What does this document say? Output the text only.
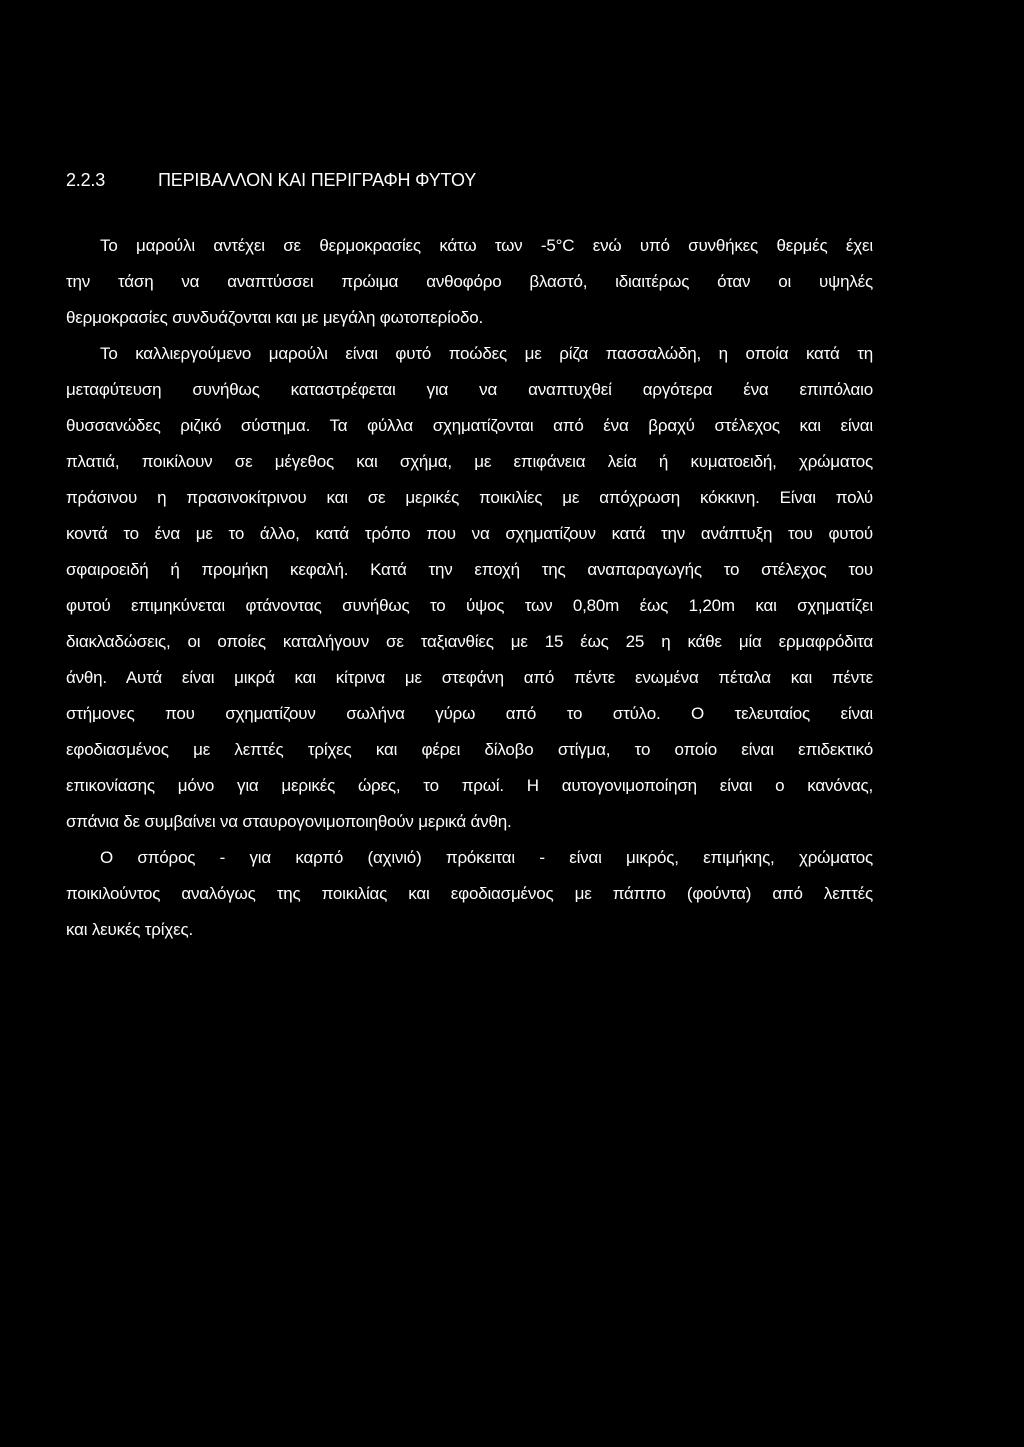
2.2.3	ΠΕΡΙΒΑΛΛΟΝ ΚΑΙ ΠΕΡΙΓΡΑΦΗ ΦΥΤΟΥ
Το μαρούλι αντέχει σε θερμοκρασίες κάτω των -5°C ενώ υπό συνθήκες θερμές έχει
την τάση να αναπτύσσει πρώιμα ανθοφόρο βλαστό, ιδιαιτέρως όταν οι υψηλές
θερμοκρασίες συνδυάζονται και με μεγάλη φωτοπερίοδο.
Το καλλιεργούμενο μαρούλι είναι φυτό ποώδες με ρίζα πασσαλώδη, η οποία κατά τη
μεταφύτευση συνήθως καταστρέφεται για να αναπτυχθεί αργότερα ένα επιπόλαιο
θυσσανώδες ριζικό σύστημα. Τα φύλλα σχηματίζονται από ένα βραχύ στέλεχος και είναι
πλατιά, ποικίλουν σε μέγεθος και σχήμα, με επιφάνεια λεία ή κυματοειδή, χρώματος
πράσινου η πρασινοκίτρινου και σε μερικές ποικιλίες με απόχρωση κόκκινη. Είναι πολύ
κοντά το ένα με το άλλο, κατά τρόπο που να σχηματίζουν κατά την ανάπτυξη του φυτού
σφαιροειδή ή προμήκη κεφαλή. Κατά την εποχή της αναπαραγωγής το στέλεχος του
φυτού επιμηκύνεται φτάνοντας συνήθως το ύψος των 0,80m έως 1,20m και σχηματίζει
διακλαδώσεις, οι οποίες καταλήγουν σε ταξιανθίες με 15 έως 25 η κάθε μία ερμαφρόδιτα
άνθη. Αυτά είναι μικρά και κίτρινα με στεφάνη από πέντε ενωμένα πέταλα και πέντε
στήμονες που σχηματίζουν σωλήνα γύρω από το στύλο. Ο τελευταίος είναι
εφοδιασμένος με λεπτές τρίχες και φέρει δίλοβο στίγμα, το οποίο είναι επιδεκτικό
επικονίασης μόνο για μερικές ώρες, το πρωί. Η αυτογονιμοποίηση είναι ο κανόνας,
σπάνια δε συμβαίνει να σταυρογονιμοποιηθούν μερικά άνθη.
Ο σπόρος - για καρπό (αχινιό) πρόκειται - είναι μικρός, επιμήκης, χρώματος
ποικιλούντος αναλόγως της ποικιλίας και εφοδιασμένος με πάππο (φούντα) από λεπτές
και λευκές τρίχες.
